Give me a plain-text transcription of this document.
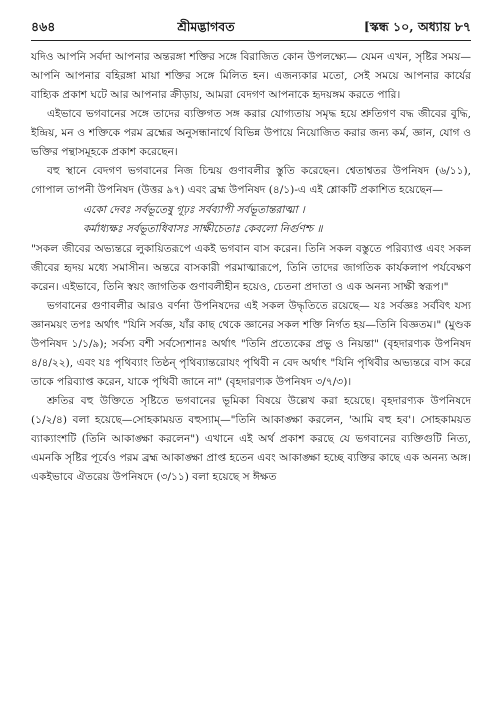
৪৬৪	শ্রীমদ্ভাগবত	[স্কন্ধ ১০, অধ্যায় ৮৭

যদিও আপনি সর্বদা আপনার অন্তরঙ্গা শক্তির সঙ্গে বিরাজিত কোন উপলক্ষ্যে— যেমন এখন, সৃষ্টির সময়—আপনি আপনার বহিরঙ্গা মায়া শক্তির সঙ্গে মিলিত হন। এজন্যকার মতো, সেই সময়ে আপনার কার্যের বাহ্যিক প্রকাশ ঘটে আর আপনার ক্রীড়ায়, আমরা বেদগণ আপনাকে হৃদয়ঙ্গম করতে পারি।

এইভাবে ভগবানের সঙ্গে তাদের ব্যক্তিগত সঙ্গ করার যোগ্যতায় সমৃদ্ধ হয়ে শ্রুতিগণ বদ্ধ জীবের বুদ্ধি, ইন্দ্রিয়, মন ও শক্তিকে পরম ব্রহ্মের অনুসন্ধানার্থে বিভিন্ন উপায়ে নিয়োজিত করার জন্য কর্ম, জ্ঞান, যোগ ও ভক্তির পন্থাসমূহকে প্রকাশ করেছেন।

বহু স্থানে বেদগণ ভগবানের নিজ চিন্ময় গুণাবলীর স্তুতি করেছেন। শ্বেতাশ্বতর উপনিষদ (৬/১১), গোপাল তাপনী উপনিষদ (উত্তর ৯৭) এবং ব্রহ্ম উপনিষদ (৪/১)-এ এই শ্লোকটি প্রকাশিত হয়েছেন—

একো দেবঃ সর্বভূতেষু গূঢ়ঃ সর্বব্যাপী সর্বভূতান্তরাত্মা ।
কর্মাধ্যক্ষঃ সর্বভূতাধিবাসঃ সাক্ষীচেতাঃ কেবলো নির্গুণশ্চ ॥

"সকল জীবের অভ্যন্তরে লুকায়িতরূপে একই ভগবান বাস করেন। তিনি সকল বস্তুতে পরিব্যাপ্ত এবং সকল জীবের হৃদয় মধ্যে সমাসীন। অন্তরে বাসকারী পরমাত্মারূপে, তিনি তাদের জাগতিক কার্যকলাপ পর্যবেক্ষণ করেন। এইভাবে, তিনি স্বয়ং জাগতিক গুণাবলীহীন হয়েও, চেতনা প্রদাতা ও এক অনন্য সাক্ষী স্বরূপ।"

ভগবানের গুণাবলীর আরও বর্ণনা উপনিষদের এই সকল উদ্ধৃতিতে রয়েছে— যঃ সর্বজ্ঞঃ সর্ববিৎ যস্য জ্ঞানময়ং তপঃ অর্থাৎ "যিনি সর্বজ্ঞ, যাঁর কাছ থেকে জ্ঞানের সকল শক্তি নির্গত হয়—তিনি বিজ্ঞতম।" (মুণ্ডক উপনিষদ ১/১/৯); সর্বস্য বশী সর্বস্যেশানঃ অর্থাৎ "তিনি প্রত্যেকের প্রভু ও নিয়ন্তা" (বৃহদারণ্যক উপনিষদ ৪/৪/২২), এবং যঃ পৃথিব্যাং তিষ্ঠন্ পৃথিব্যান্তরোযং পৃথিবী ন বেদ অর্থাৎ "যিনি পৃথিবীর অভ্যন্তরে বাস করে তাকে পরিব্যাপ্ত করেন, যাকে পৃথিবী জানে না" (বৃহদারণ্যক উপনিষদ ৩/৭/৩)।

শ্রুতির বহু উক্তিতে সৃষ্টিতে ভগবানের ভূমিকা বিষয়ে উল্লেখ করা হয়েছে। বৃহদারণ্যক উপনিষদে (১/২/৪) বলা হয়েছে—সোহকাময়ত বহুস্যাম্—"তিনি আকাঙ্ক্ষা করলেন, 'আমি বহু হব'। সোহকাময়ত ব্যাক্যাংশটি (তিনি আকাঙ্ক্ষা করলেন") এখানে এই অর্থ প্রকাশ করছে যে ভগবানের ব্যক্তিগুটি নিত্য, এমনকি সৃষ্টির পূর্বেও পরম ব্রহ্ম আকাঙ্ক্ষা প্রাপ্ত হতেন এবং আকাঙ্ক্ষা হচ্ছে ব্যক্তির কাছে এক অনন্য অঙ্গ। একইভাবে ঐতরেয় উপনিষদে (৩/১১) বলা হয়েছে স ঈক্ষত
